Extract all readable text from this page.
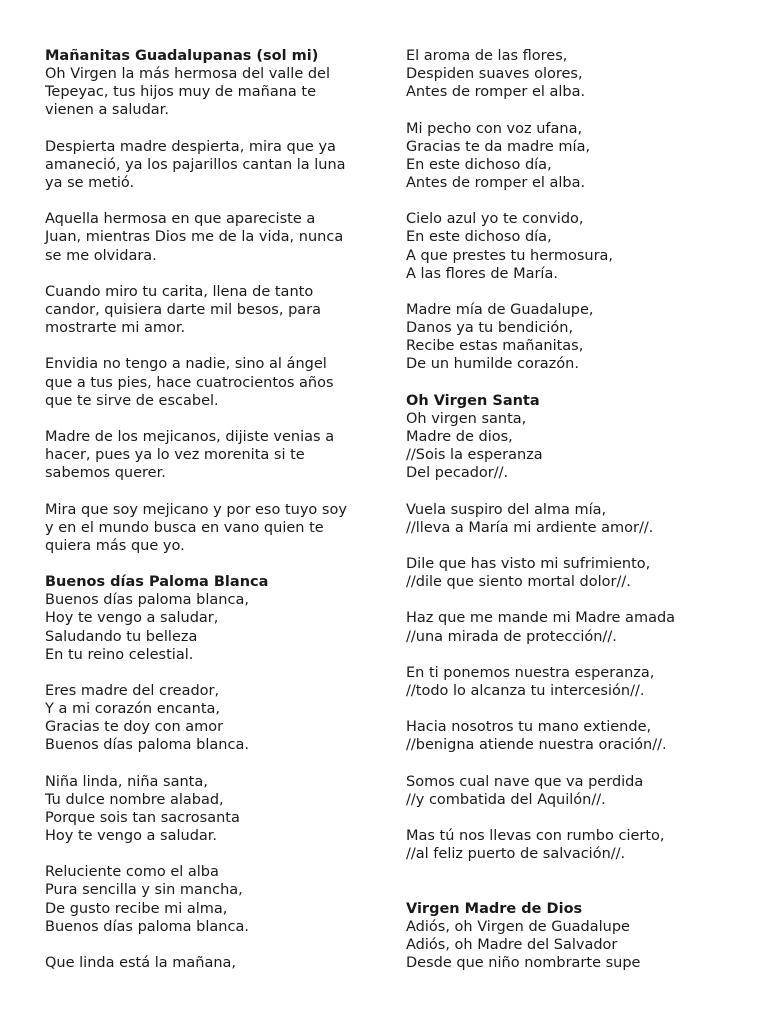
Mañanitas Guadalupanas (sol mi)
Oh Virgen la más hermosa del valle del
Tepeyac, tus hijos muy de mañana te
vienen a saludar.
Despierta madre despierta, mira que ya
amaneció, ya los pajarillos cantan la luna
ya se metió.
Aquella hermosa en que apareciste a
Juan, mientras Dios me de la vida, nunca
se me olvidara.
Cuando miro tu carita, llena de tanto
candor, quisiera darte mil besos, para
mostrarte mi amor.
Envidia no tengo a nadie, sino al ángel
que a tus pies, hace cuatrocientos años
que te sirve de escabel.
Madre de los mejicanos, dijiste venias a
hacer, pues ya lo vez morenita si te
sabemos querer.
Mira que soy mejicano y por eso tuyo soy
y en el mundo busca en vano quien te
quiera más que yo.
Buenos días Paloma Blanca
Buenos días paloma blanca,
Hoy te vengo a saludar,
Saludando tu belleza
En tu reino celestial.
Eres madre del creador,
Y a mi corazón encanta,
Gracias te doy con amor
Buenos días paloma blanca.
Niña linda, niña santa,
Tu dulce nombre alabad,
Porque sois tan sacrosanta
Hoy te vengo a saludar.
Reluciente como el alba
Pura sencilla y sin mancha,
De gusto recibe mi alma,
Buenos días paloma blanca.
Que linda está la mañana,
El aroma de las flores,
Despiden suaves olores,
Antes de romper el alba.
Mi pecho con voz ufana,
Gracias te da madre mía,
En este dichoso día,
Antes de romper el alba.
Cielo azul yo te convido,
En este dichoso día,
A que prestes tu hermosura,
A las flores de María.
Madre mía de Guadalupe,
Danos ya tu bendición,
Recibe estas mañanitas,
De un humilde corazón.
Oh Virgen Santa
Oh virgen santa,
Madre de dios,
//Sois la esperanza
Del pecador//.
Vuela suspiro del alma mía,
//lleva a María mi ardiente amor//.
Dile que has visto mi sufrimiento,
//dile que siento mortal dolor//.
Haz que me mande mi Madre amada
//una mirada de protección//.
En ti ponemos nuestra esperanza,
//todo lo alcanza tu intercesión//.
Hacia nosotros tu mano extiende,
//benigna atiende nuestra oración//.
Somos cual nave que va perdida
//y combatida del Aquilón//.
Mas tú nos llevas con rumbo cierto,
//al feliz puerto de salvación//.
Virgen Madre de Dios
Adiós, oh Virgen de Guadalupe
Adiós, oh Madre del Salvador
Desde que niño nombrarte supe
